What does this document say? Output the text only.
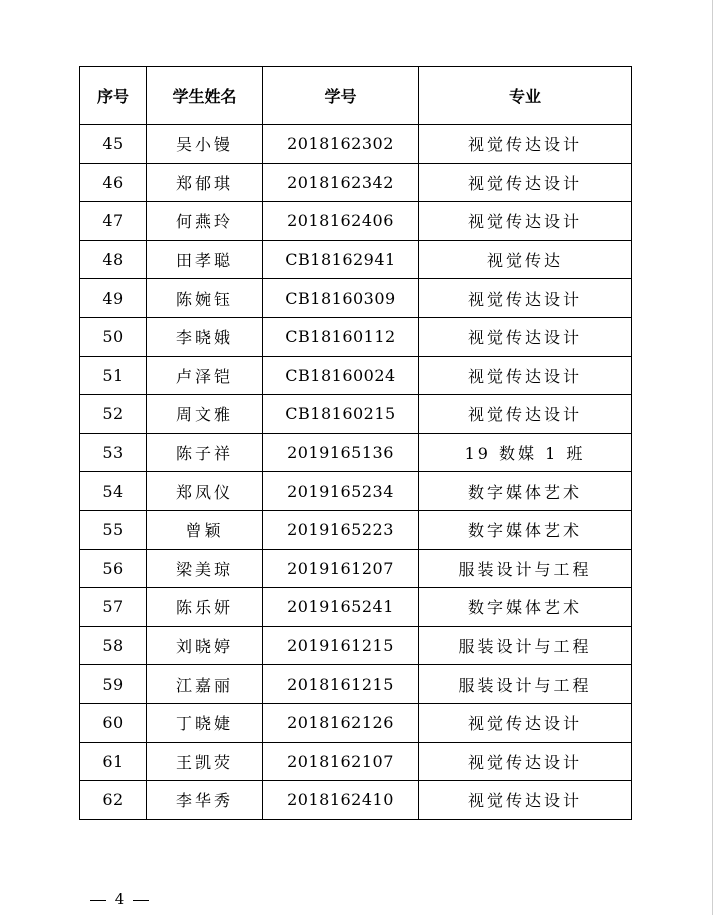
序号	学生姓名	学号	专业
45	吴小镘	2018162302	视觉传达设计
46	郑郁琪	2018162342	视觉传达设计
47	何燕玲	2018162406	视觉传达设计
48	田孝聪	CB18162941	视觉传达
49	陈婉钰	CB18160309	视觉传达设计
50	李晓娥	CB18160112	视觉传达设计
51	卢泽铠	CB18160024	视觉传达设计
52	周文雅	CB18160215	视觉传达设计
53	陈子祥	2019165136	19 数媒 1 班
54	郑凤仪	2019165234	数字媒体艺术
55	曾颖	2019165223	数字媒体艺术
56	梁美琼	2019161207	服装设计与工程
57	陈乐妍	2019165241	数字媒体艺术
58	刘晓婷	2019161215	服装设计与工程
59	江嘉丽	2018161215	服装设计与工程
60	丁晓婕	2018162126	视觉传达设计
61	王凯荧	2018162107	视觉传达设计
62	李华秀	2018162410	视觉传达设计
4
